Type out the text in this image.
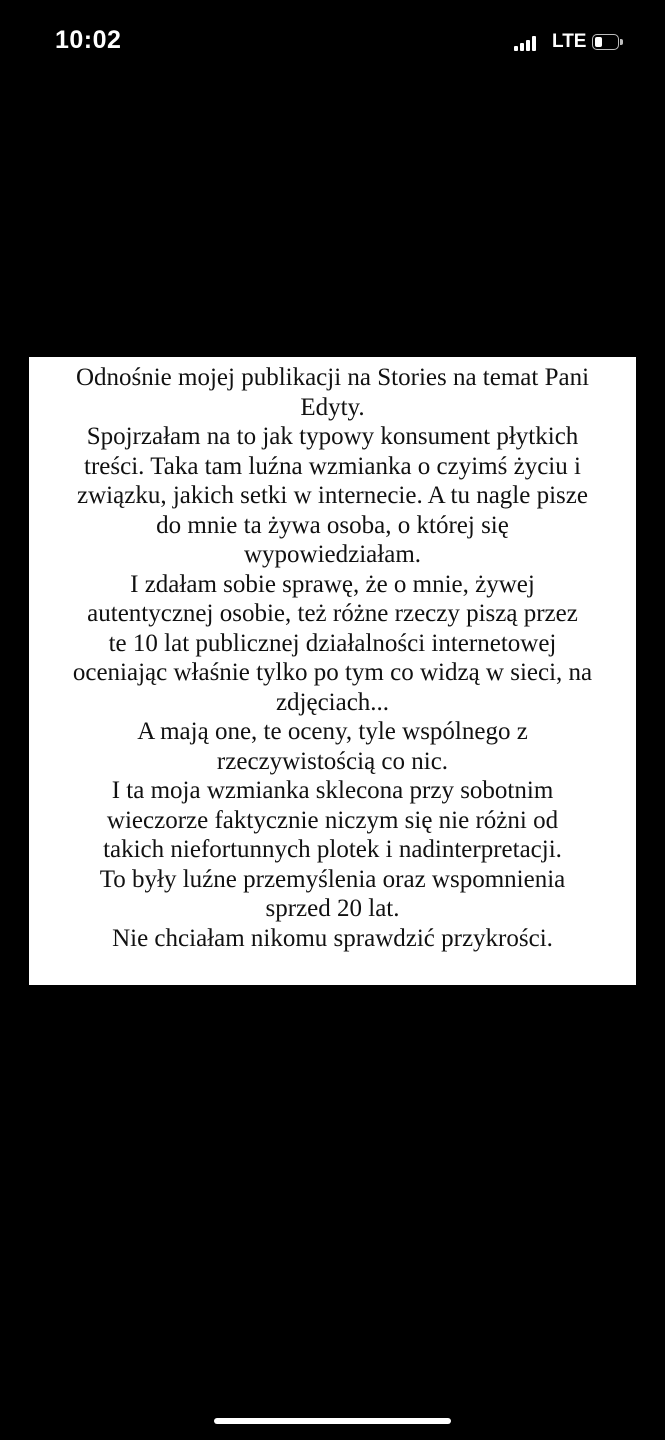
10:02	LTE
Odnośnie mojej publikacji na Stories na temat Pani
Edyty.
Spojrzałam na to jak typowy konsument płytkich
treści. Taka tam luźna wzmianka o czyimś życiu i
związku, jakich setki w internecie. A tu nagle pisze
do mnie ta żywa osoba, o której się
wypowiedziałam.
I zdałam sobie sprawę, że o mnie, żywej
autentycznej osobie, też różne rzeczy piszą przez
te 10 lat publicznej działalności internetowej
oceniając właśnie tylko po tym co widzą w sieci, na
zdjęciach...
A mają one, te oceny, tyle wspólnego z
rzeczywistością co nic.
I ta moja wzmianka sklecona przy sobotnim
wieczorze faktycznie niczym się nie różni od
takich niefortunnych plotek i nadinterpretacji.
To były luźne przemyślenia oraz wspomnienia
sprzed 20 lat.
Nie chciałam nikomu sprawdzić przykrości.
